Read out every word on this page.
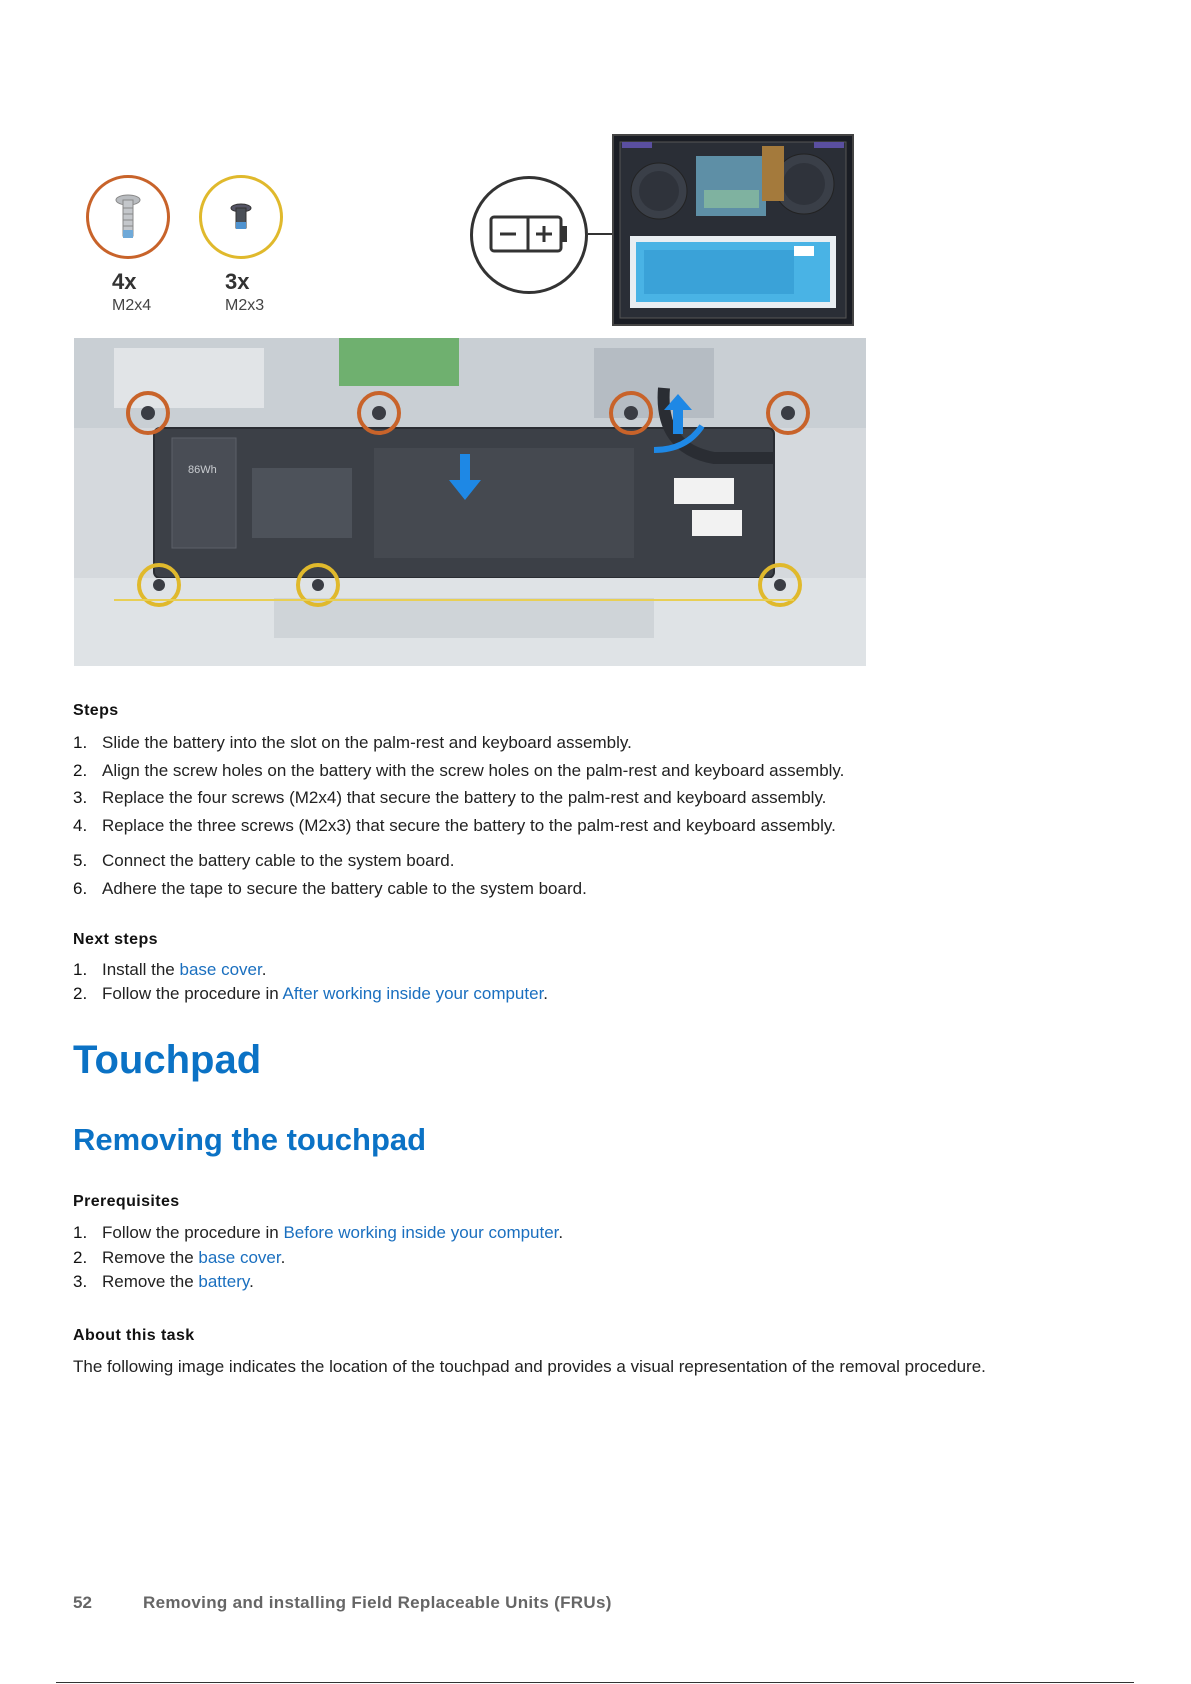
4x
M2x4
3x
M2x3
86Wh
Steps
1. Slide the battery into the slot on the palm-rest and keyboard assembly.
2. Align the screw holes on the battery with the screw holes on the palm-rest and keyboard assembly.
3. Replace the four screws (M2x4) that secure the battery to the palm-rest and keyboard assembly.
4. Replace the three screws (M2x3) that secure the battery to the palm-rest and keyboard assembly.
5. Connect the battery cable to the system board.
6. Adhere the tape to secure the battery cable to the system board.
Next steps
1. Install the base cover.
2. Follow the procedure in After working inside your computer.
Touchpad
Removing the touchpad
Prerequisites
1. Follow the procedure in Before working inside your computer.
2. Remove the base cover.
3. Remove the battery.
About this task
The following image indicates the location of the touchpad and provides a visual representation of the removal procedure.
52	Removing and installing Field Replaceable Units (FRUs)
